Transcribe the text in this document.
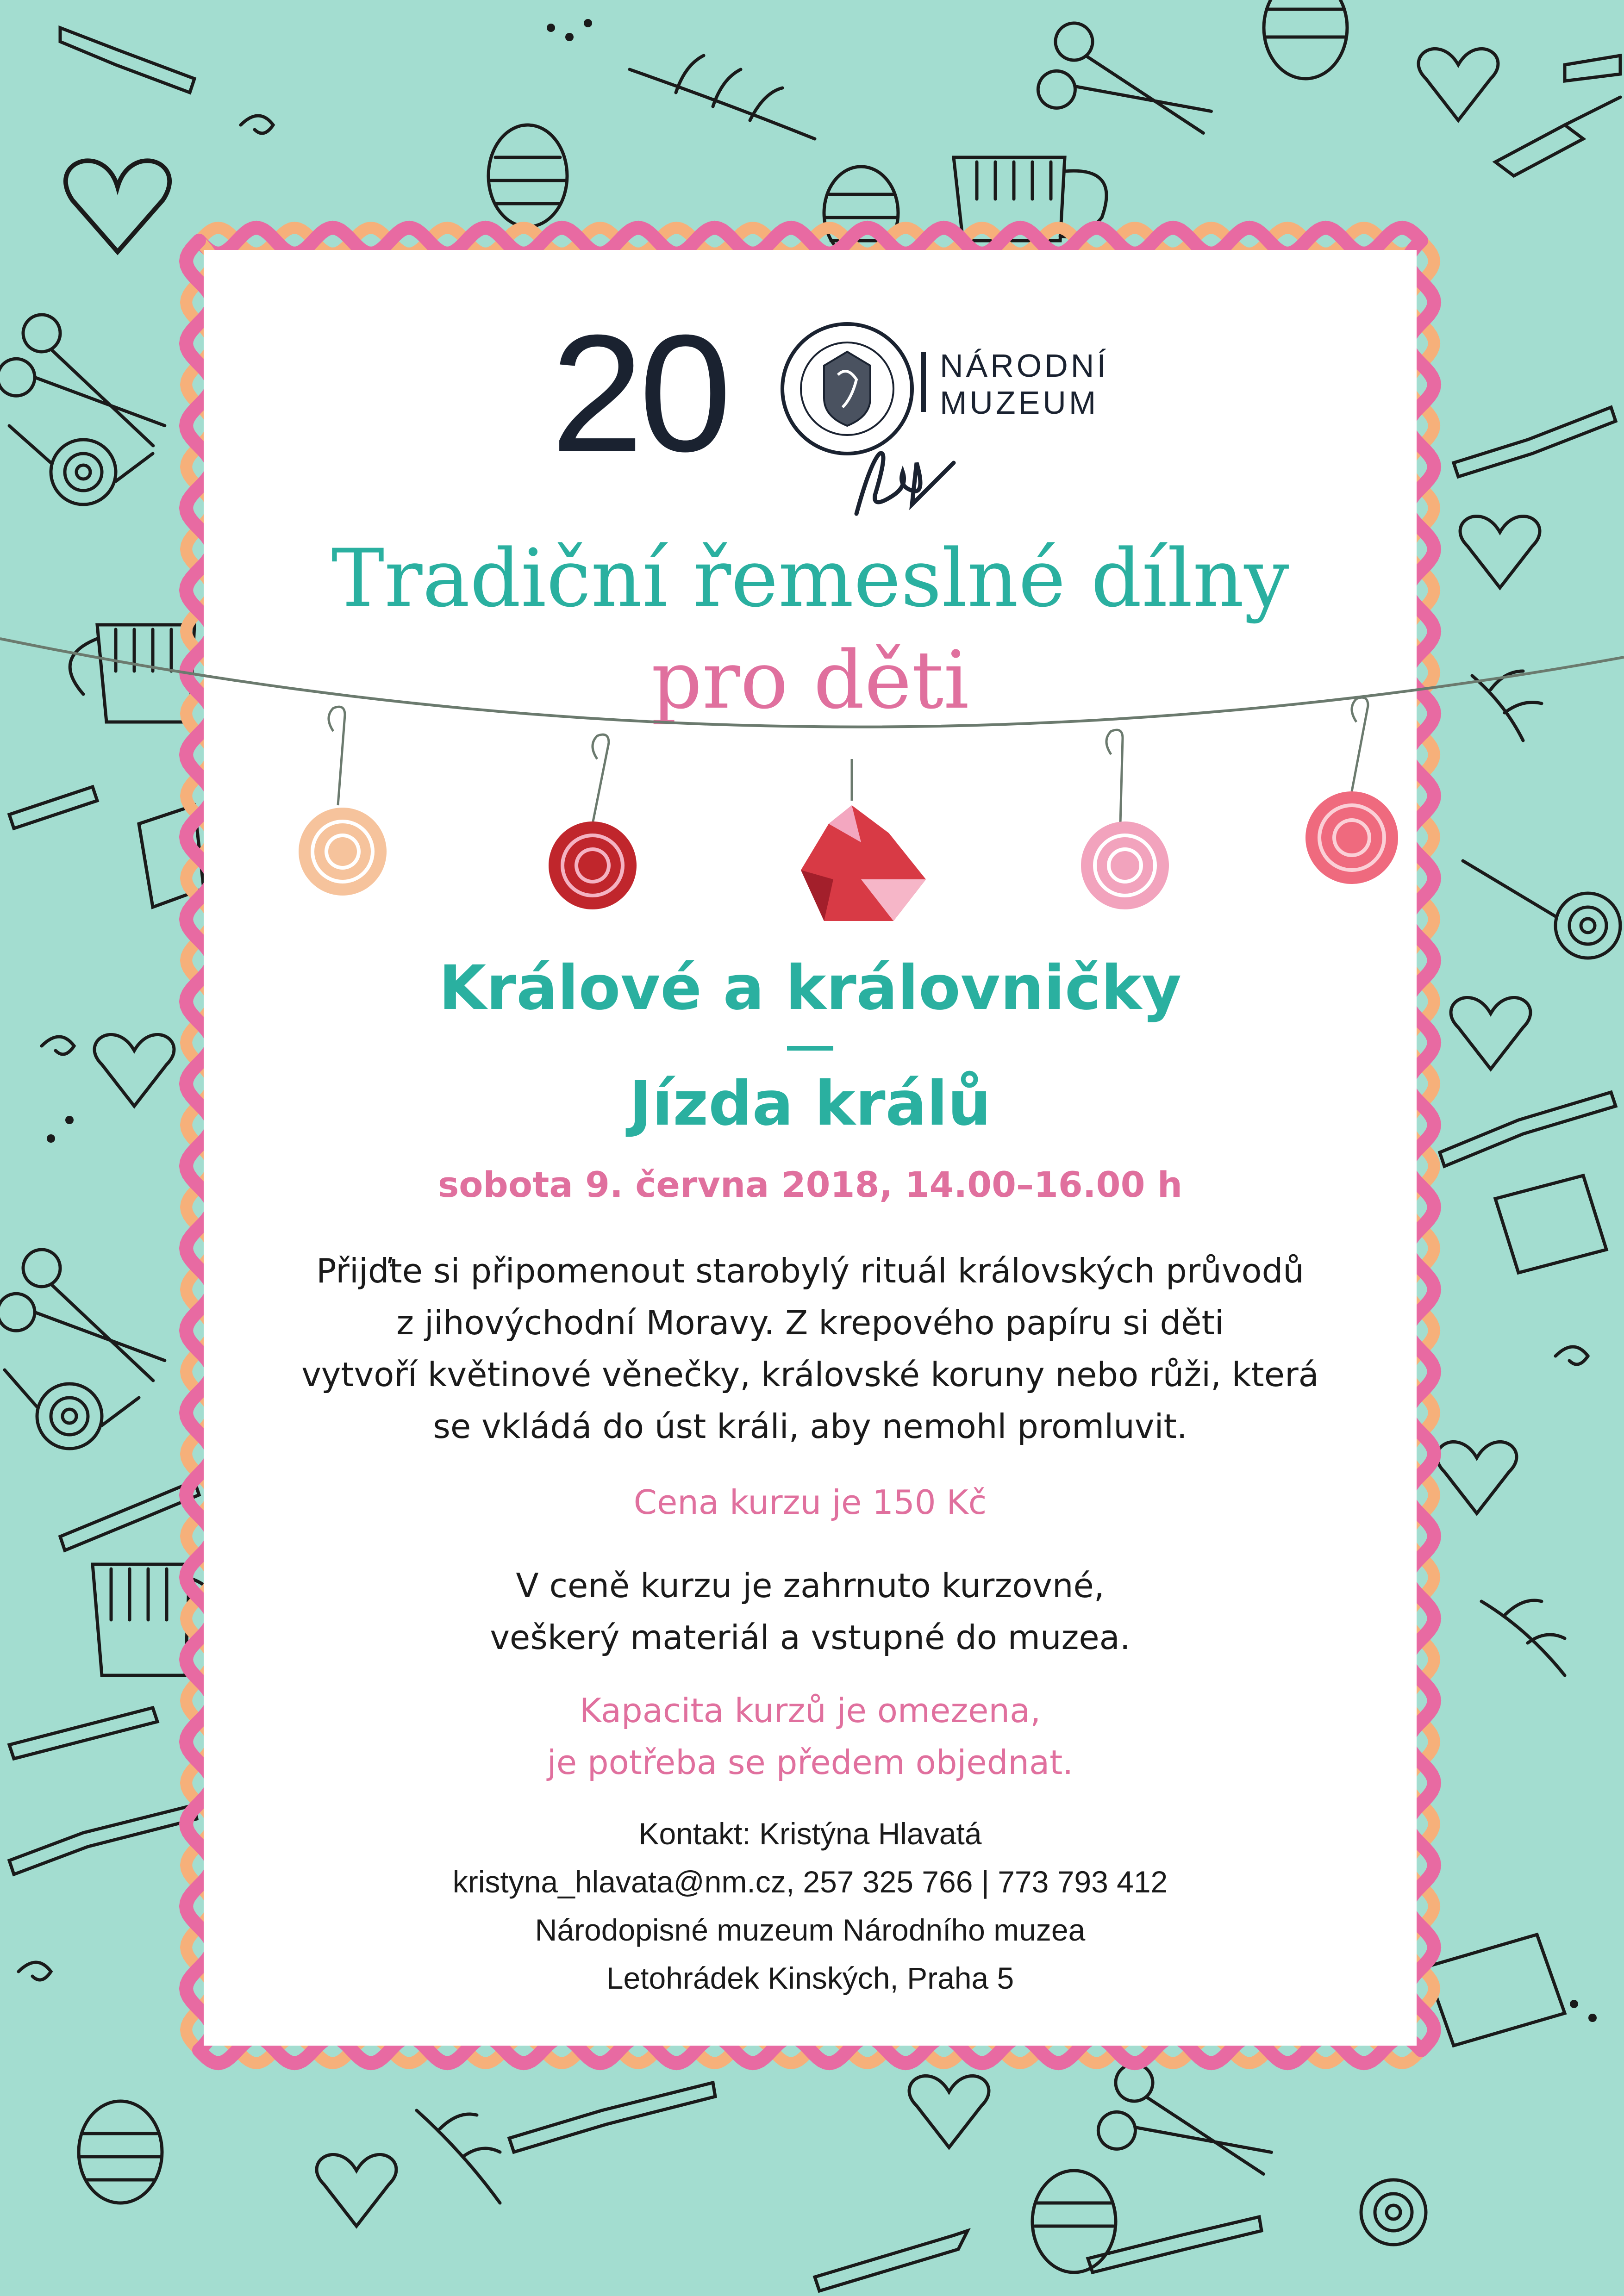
20	NÁRODNÍ
MUZEUM
Tradiční řemeslné dílny
pro děti
Králové a královničky
Jízda králů
sobota 9. června 2018, 14.00–16.00 h
Přijďte si připomenout starobylý rituál královských průvodů
z jihovýchodní Moravy. Z krepového papíru si děti
vytvoří květinové věnečky, královské koruny nebo růži, která
se vkládá do úst králi, aby nemohl promluvit.
Cena kurzu je 150 Kč
V ceně kurzu je zahrnuto kurzovné,
veškerý materiál a vstupné do muzea.
Kapacita kurzů je omezena,
je potřeba se předem objednat.
Kontakt: Kristýna Hlavatá
kristyna_hlavata@nm.cz, 257 325 766 | 773 793 412
Národopisné muzeum Národního muzea
Letohrádek Kinských, Praha 5
